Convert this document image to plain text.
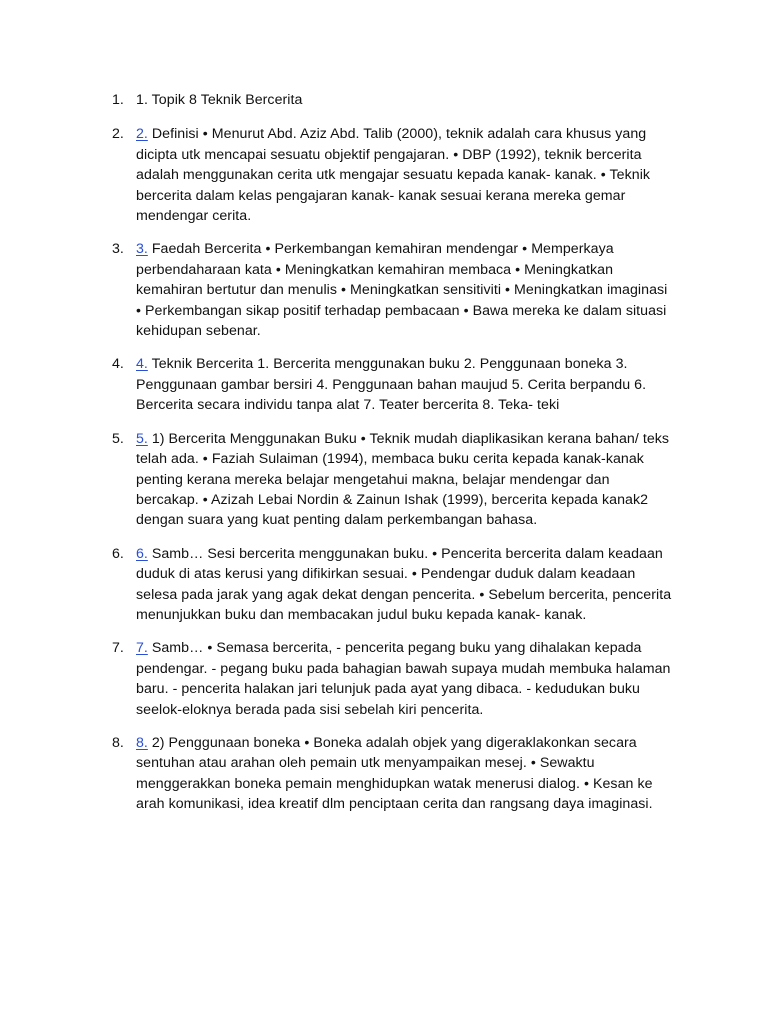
1. 1. Topik 8 Teknik Bercerita
2. 2. Definisi • Menurut Abd. Aziz Abd. Talib (2000), teknik adalah cara khusus yang dicipta utk mencapai sesuatu objektif pengajaran. • DBP (1992), teknik bercerita adalah menggunakan cerita utk mengajar sesuatu kepada kanak- kanak. • Teknik bercerita dalam kelas pengajaran kanak- kanak sesuai kerana mereka gemar mendengar cerita.
3. 3. Faedah Bercerita • Perkembangan kemahiran mendengar • Memperkaya perbendaharaan kata • Meningkatkan kemahiran membaca • Meningkatkan kemahiran bertutur dan menulis • Meningkatkan sensitiviti • Meningkatkan imaginasi • Perkembangan sikap positif terhadap pembacaan • Bawa mereka ke dalam situasi kehidupan sebenar.
4. 4. Teknik Bercerita 1. Bercerita menggunakan buku 2. Penggunaan boneka 3. Penggunaan gambar bersiri 4. Penggunaan bahan maujud 5. Cerita berpandu 6. Bercerita secara individu tanpa alat 7. Teater bercerita 8. Teka- teki
5. 5. 1) Bercerita Menggunakan Buku • Teknik mudah diaplikasikan kerana bahan/ teks telah ada. • Faziah Sulaiman (1994), membaca buku cerita kepada kanak-kanak penting kerana mereka belajar mengetahui makna, belajar mendengar dan bercakap. • Azizah Lebai Nordin & Zainun Ishak (1999), bercerita kepada kanak2 dengan suara yang kuat penting dalam perkembangan bahasa.
6. 6. Samb… Sesi bercerita menggunakan buku. • Pencerita bercerita dalam keadaan duduk di atas kerusi yang difikirkan sesuai. • Pendengar duduk dalam keadaan selesa pada jarak yang agak dekat dengan pencerita. • Sebelum bercerita, pencerita menunjukkan buku dan membacakan judul buku kepada kanak- kanak.
7. 7. Samb… • Semasa bercerita, - pencerita pegang buku yang dihalakan kepada pendengar. - pegang buku pada bahagian bawah supaya mudah membuka halaman baru. - pencerita halakan jari telunjuk pada ayat yang dibaca. - kedudukan buku seelok-eloknya berada pada sisi sebelah kiri pencerita.
8. 8. 2) Penggunaan boneka • Boneka adalah objek yang digeraklakonkan secara sentuhan atau arahan oleh pemain utk menyampaikan mesej. • Sewaktu menggerakkan boneka pemain menghidupkan watak menerusi dialog. • Kesan ke arah komunikasi, idea kreatif dlm penciptaan cerita dan rangsang daya imaginasi.
